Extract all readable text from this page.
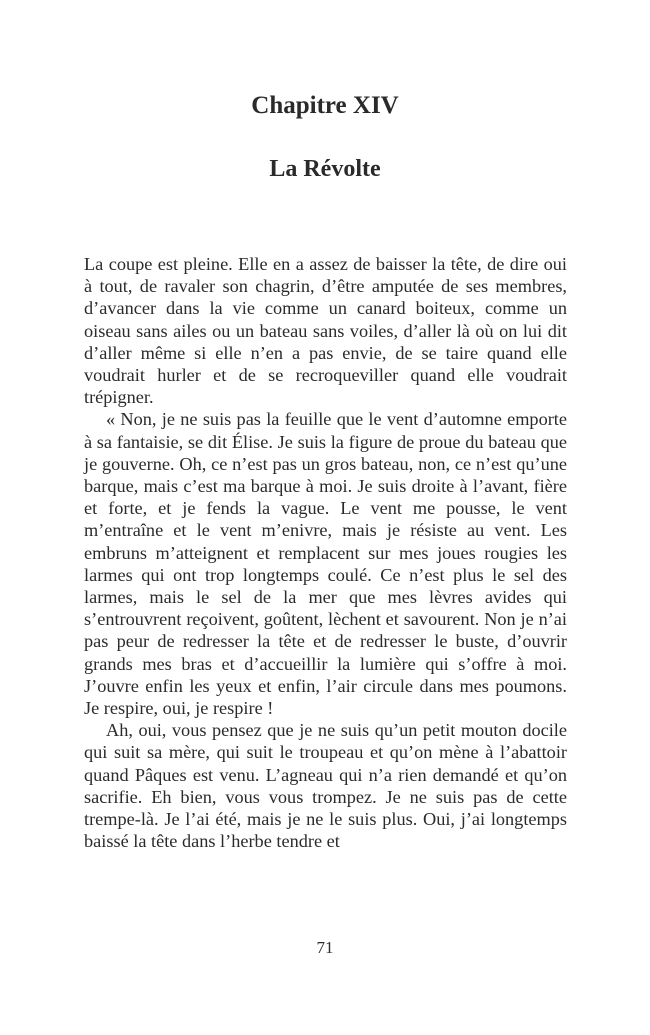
Chapitre XIV
La Révolte

La coupe est pleine. Elle en a assez de baisser la tête, de dire oui à tout, de ravaler son chagrin, d’être amputée de ses membres, d’avancer dans la vie comme un canard boiteux, comme un oiseau sans ailes ou un bateau sans voiles, d’aller là où on lui dit d’aller même si elle n’en a pas envie, de se taire quand elle voudrait hurler et de se recroqueviller quand elle voudrait trépigner.

« Non, je ne suis pas la feuille que le vent d’automne emporte à sa fantaisie, se dit Élise. Je suis la figure de proue du bateau que je gouverne. Oh, ce n’est pas un gros bateau, non, ce n’est qu’une barque, mais c’est ma barque à moi. Je suis droite à l’avant, fière et forte, et je fends la vague. Le vent me pousse, le vent m’entraîne et le vent m’enivre, mais je résiste au vent. Les embruns m’atteignent et remplacent sur mes joues rougies les larmes qui ont trop longtemps coulé. Ce n’est plus le sel des larmes, mais le sel de la mer que mes lèvres avides qui s’entrouvrent reçoivent, goûtent, lèchent et savourent. Non je n’ai pas peur de redresser la tête et de redresser le buste, d’ouvrir grands mes bras et d’accueillir la lumière qui s’offre à moi. J’ouvre enfin les yeux et enfin, l’air circule dans mes poumons. Je respire, oui, je respire !

Ah, oui, vous pensez que je ne suis qu’un petit mouton docile qui suit sa mère, qui suit le troupeau et qu’on mène à l’abattoir quand Pâques est venu. L’agneau qui n’a rien demandé et qu’on sacrifie. Eh bien, vous vous trompez. Je ne suis pas de cette trempe-là. Je l’ai été, mais je ne le suis plus. Oui, j’ai longtemps baissé la tête dans l’herbe tendre et

71
